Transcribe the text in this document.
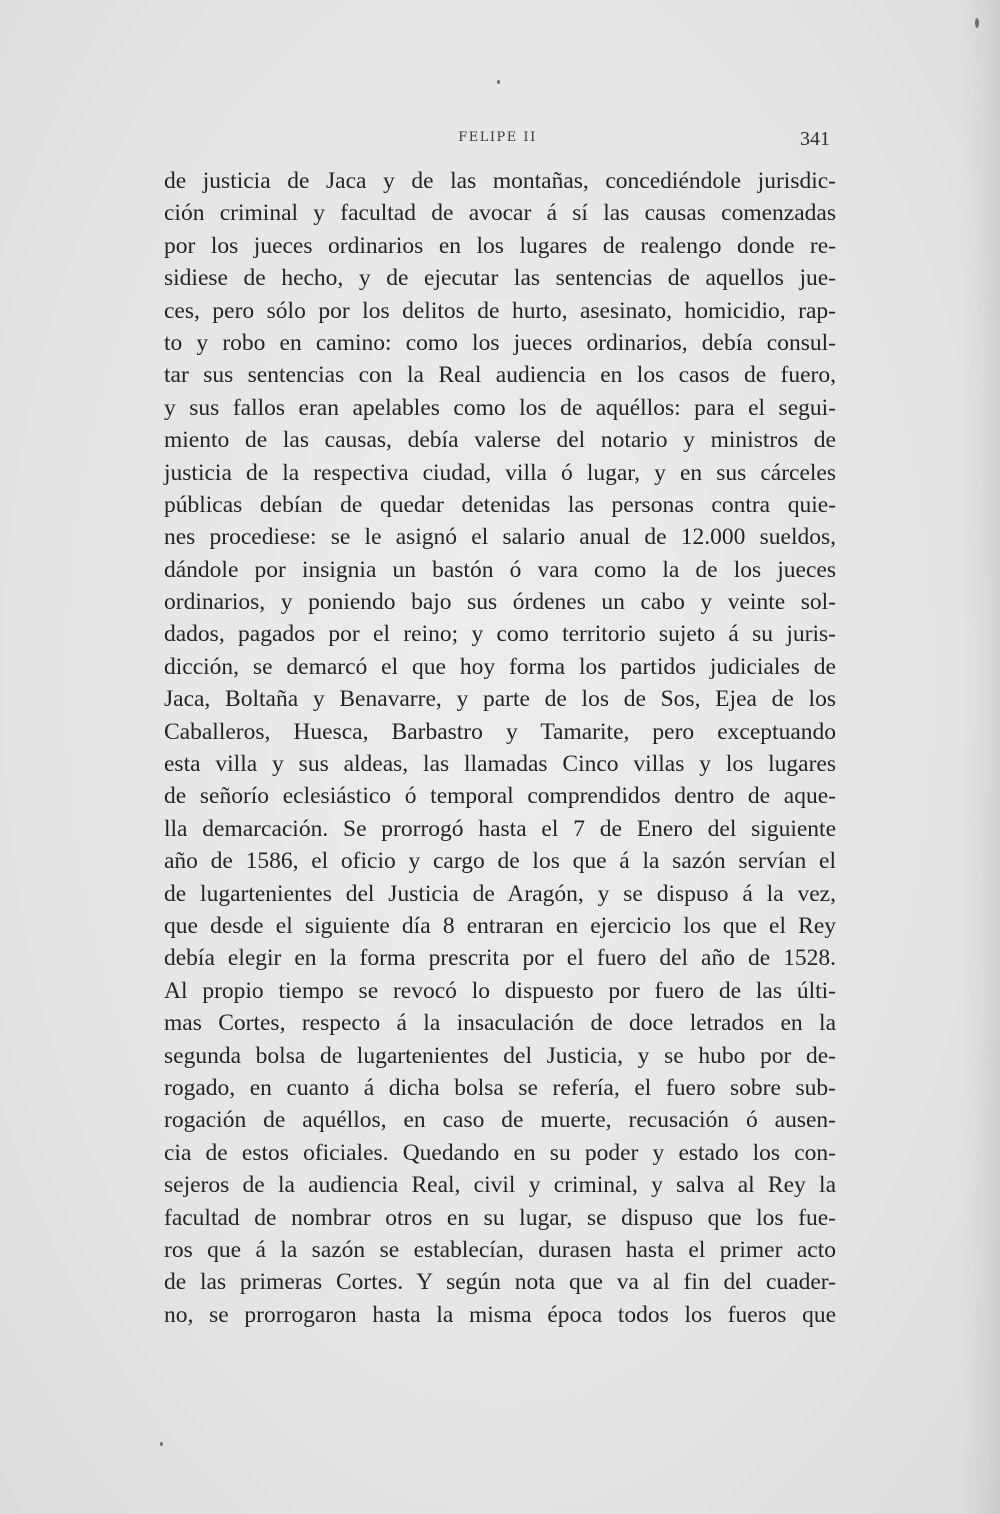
FELIPE II	341
de justicia de Jaca y de las montañas, concediéndole jurisdic-
ción criminal y facultad de avocar á sí las causas comenzadas
por los jueces ordinarios en los lugares de realengo donde re-
sidiese de hecho, y de ejecutar las sentencias de aquellos jue-
ces, pero sólo por los delitos de hurto, asesinato, homicidio, rap-
to y robo en camino: como los jueces ordinarios, debía consul-
tar sus sentencias con la Real audiencia en los casos de fuero,
y sus fallos eran apelables como los de aquéllos: para el segui-
miento de las causas, debía valerse del notario y ministros de
justicia de la respectiva ciudad, villa ó lugar, y en sus cárceles
públicas debían de quedar detenidas las personas contra quie-
nes procediese: se le asignó el salario anual de 12.000 sueldos,
dándole por insignia un bastón ó vara como la de los jueces
ordinarios, y poniendo bajo sus órdenes un cabo y veinte sol-
dados, pagados por el reino; y como territorio sujeto á su juris-
dicción, se demarcó el que hoy forma los partidos judiciales de
Jaca, Boltaña y Benavarre, y parte de los de Sos, Ejea de los
Caballeros, Huesca, Barbastro y Tamarite, pero exceptuando
esta villa y sus aldeas, las llamadas Cinco villas y los lugares
de señorío eclesiástico ó temporal comprendidos dentro de aque-
lla demarcación. Se prorrogó hasta el 7 de Enero del siguiente
año de 1586, el oficio y cargo de los que á la sazón servían el
de lugartenientes del Justicia de Aragón, y se dispuso á la vez,
que desde el siguiente día 8 entraran en ejercicio los que el Rey
debía elegir en la forma prescrita por el fuero del año de 1528.
Al propio tiempo se revocó lo dispuesto por fuero de las últi-
mas Cortes, respecto á la insaculación de doce letrados en la
segunda bolsa de lugartenientes del Justicia, y se hubo por de-
rogado, en cuanto á dicha bolsa se refería, el fuero sobre sub-
rogación de aquéllos, en caso de muerte, recusación ó ausen-
cia de estos oficiales. Quedando en su poder y estado los con-
sejeros de la audiencia Real, civil y criminal, y salva al Rey la
facultad de nombrar otros en su lugar, se dispuso que los fue-
ros que á la sazón se establecían, durasen hasta el primer acto
de las primeras Cortes. Y según nota que va al fin del cuader-
no, se prorrogaron hasta la misma época todos los fueros que
